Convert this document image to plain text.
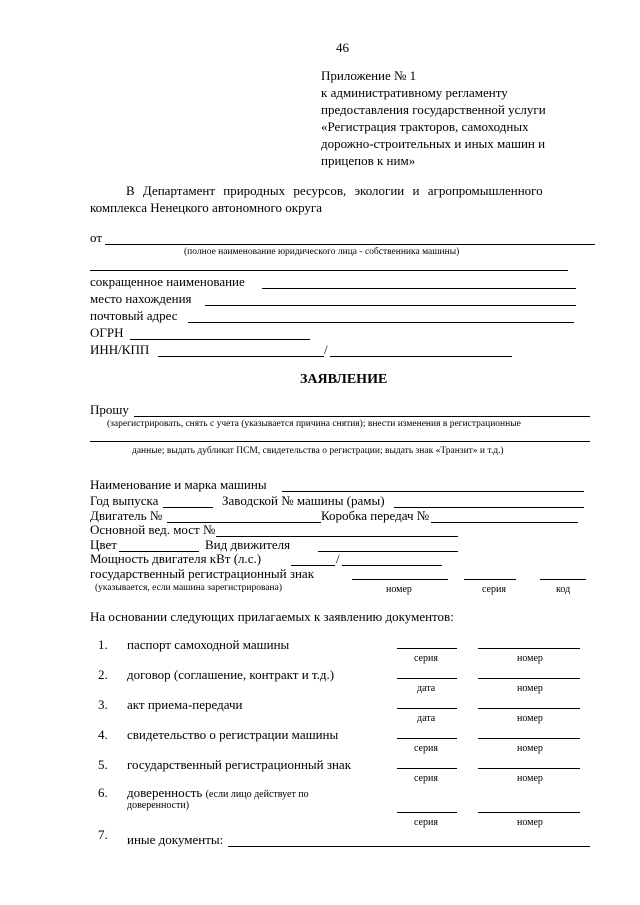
46
Приложение № 1
к административному регламенту
предоставления государственной услуги
«Регистрация тракторов, самоходных
дорожно-строительных и иных машин и
прицепов к ним»
В Департамент природных ресурсов, экологии и агропромышленного
комплекса Ненецкого автономного округа
от
(полное наименование юридического лица - собственника машины)
сокращенное наименование
место нахождения
почтовый адрес
ОГРН
ИНН/КПП	/
ЗАЯВЛЕНИЕ
Прошу
(зарегистрировать, снять с учета (указывается причина снятия); внести изменения в регистрационные
данные; выдать дубликат ПСМ, свидетельства о регистрации; выдать знак «Транзит» и т.д.)
Наименование и марка машины
Год выпуска	Заводской № машины (рамы)
Двигатель №	Коробка передач №
Основной вед. мост №
Цвет	Вид движителя
Мощность двигателя кВт (л.с.)	/
государственный регистрационный знак
(указывается, если машина зарегистрирована)	номер	серия	код
На основании следующих прилагаемых к заявлению документов:
1. паспорт самоходной машины
серия	номер
2. договор (соглашение, контракт и т.д.)
дата	номер
3. акт приема-передачи
дата	номер
4. свидетельство о регистрации машины
серия	номер
5. государственный регистрационный знак
серия	номер
6. доверенность (если лицо действует по
доверенности)
серия	номер
7. иные документы:
